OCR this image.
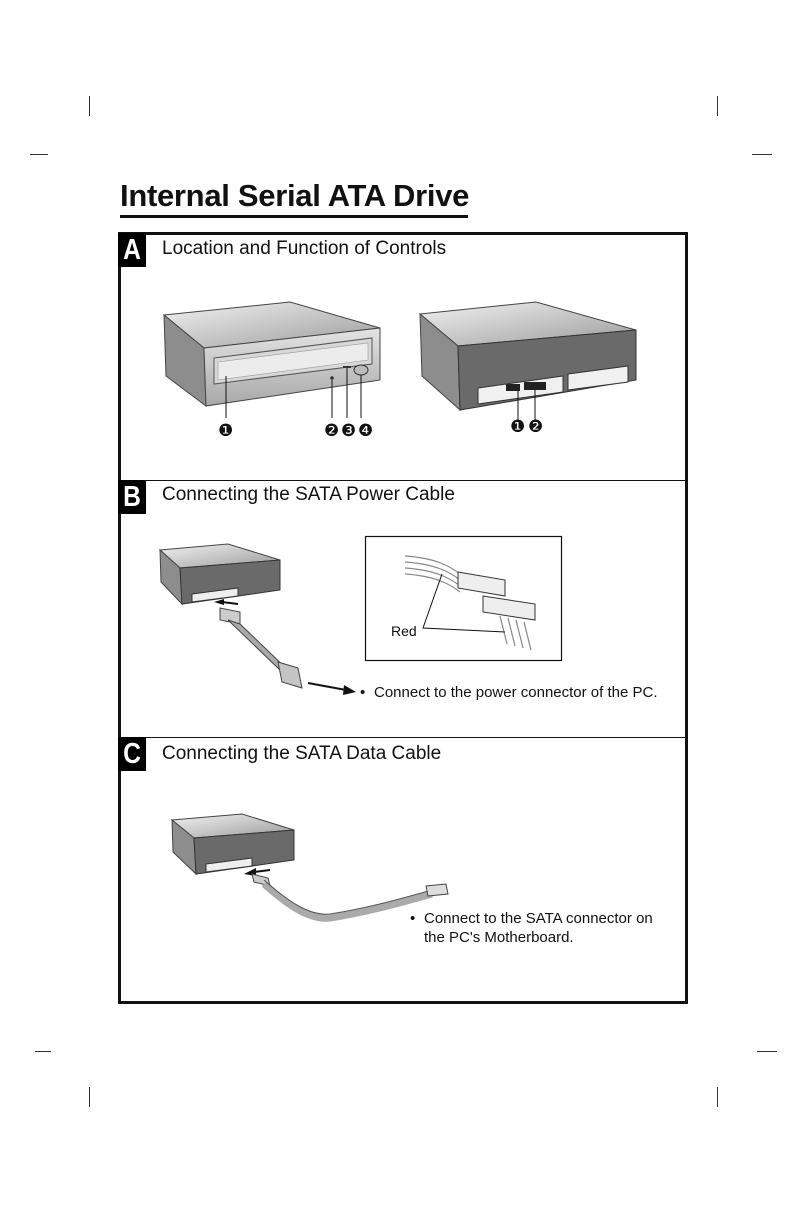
Internal Serial ATA Drive
A Location and Function of Controls
❶	❷ ❸ ❹	❶ ❷
B Connecting the SATA Power Cable
Red
• Connect to the power connector of the PC.
C Connecting the SATA Data Cable
• Connect to the SATA connector on
the PC's Motherboard.
